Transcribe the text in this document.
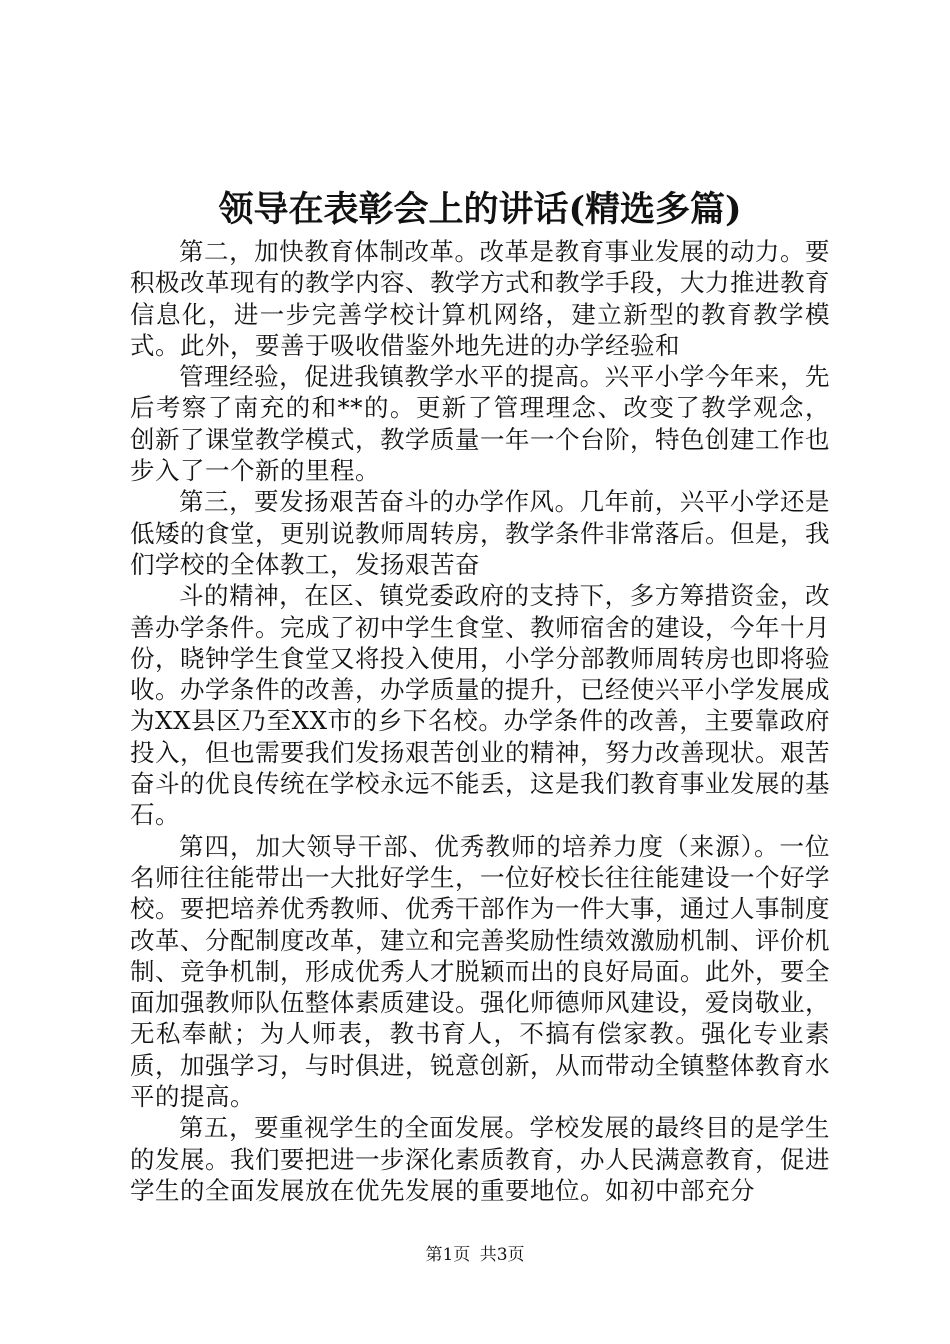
领导在表彰会上的讲话(精选多篇)

第二，加快教育体制改革。改革是教育事业发展的动力。要积极改革现有的教学内容、教学方式和教学手段，大力推进教育信息化，进一步完善学校计算机网络，建立新型的教育教学模式。此外，要善于吸收借鉴外地先进的办学经验和

管理经验，促进我镇教学水平的提高。兴平小学今年来，先后考察了南充的和**的。更新了管理理念、改变了教学观念，创新了课堂教学模式，教学质量一年一个台阶，特色创建工作也步入了一个新的里程。

第三，要发扬艰苦奋斗的办学作风。几年前，兴平小学还是低矮的食堂，更别说教师周转房，教学条件非常落后。但是，我们学校的全体教工，发扬艰苦奋

斗的精神，在区、镇党委政府的支持下，多方筹措资金，改善办学条件。完成了初中学生食堂、教师宿舍的建设，今年十月份，晓钟学生食堂又将投入使用，小学分部教师周转房也即将验收。办学条件的改善，办学质量的提升，已经使兴平小学发展成为XX县区乃至XX市的乡下名校。办学条件的改善，主要靠政府投入，但也需要我们发扬艰苦创业的精神，努力改善现状。艰苦奋斗的优良传统在学校永远不能丢，这是我们教育事业发展的基石。

第四，加大领导干部、优秀教师的培养力度（来源）。一位名师往往能带出一大批好学生，一位好校长往往能建设一个好学校。要把培养优秀教师、优秀干部作为一件大事，通过人事制度改革、分配制度改革，建立和完善奖励性绩效激励机制、评价机制、竞争机制，形成优秀人才脱颖而出的良好局面。此外，要全面加强教师队伍整体素质建设。强化师德师风建设，爱岗敬业，无私奉献；为人师表，教书育人，不搞有偿家教。强化专业素质，加强学习，与时俱进，锐意创新，从而带动全镇整体教育水平的提高。

第五，要重视学生的全面发展。学校发展的最终目的是学生的发展。我们要把进一步深化素质教育，办人民满意教育，促进学生的全面发展放在优先发展的重要地位。如初中部充分

第1页 共3页
